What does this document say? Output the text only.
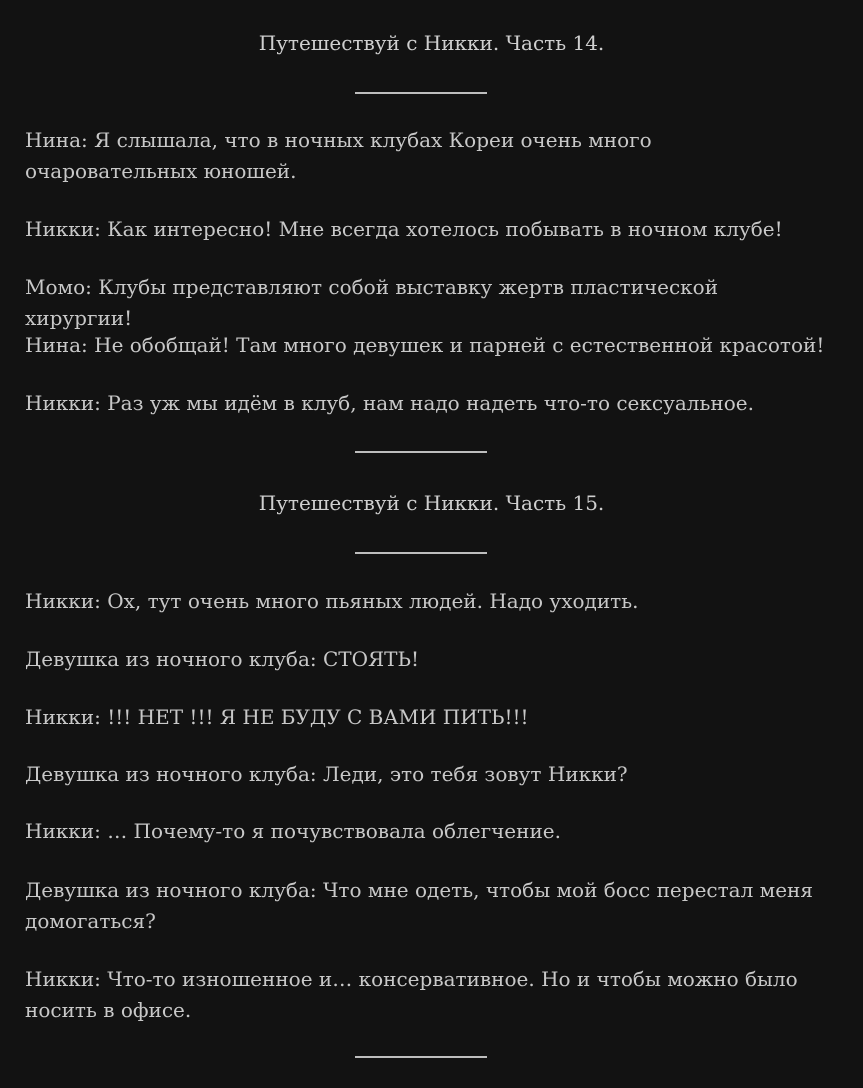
Путешествуй с Никки. Часть 14.

Нина: Я слышала, что в ночных клубах Кореи очень много очаровательных юношей.

Никки: Как интересно! Мне всегда хотелось побывать в ночном клубе!

Момо: Клубы представляют собой выставку жертв пластической хирургии!

Нина: Не обобщай! Там много девушек и парней с естественной красотой!

Никки: Раз уж мы идём в клуб, нам надо надеть что-то сексуальное.

Путешествуй с Никки. Часть 15.

Никки: Ох, тут очень много пьяных людей. Надо уходить.

Девушка из ночного клуба: СТОЯТЬ!

Никки: !!! НЕТ !!! Я НЕ БУДУ С ВАМИ ПИТЬ!!!

Девушка из ночного клуба: Леди, это тебя зовут Никки?

Никки: … Почему-то я почувствовала облегчение.

Девушка из ночного клуба: Что мне одеть, чтобы мой босс перестал меня домогаться?

Никки: Что-то изношенное и… консервативное. Но и чтобы можно было носить в офисе.
